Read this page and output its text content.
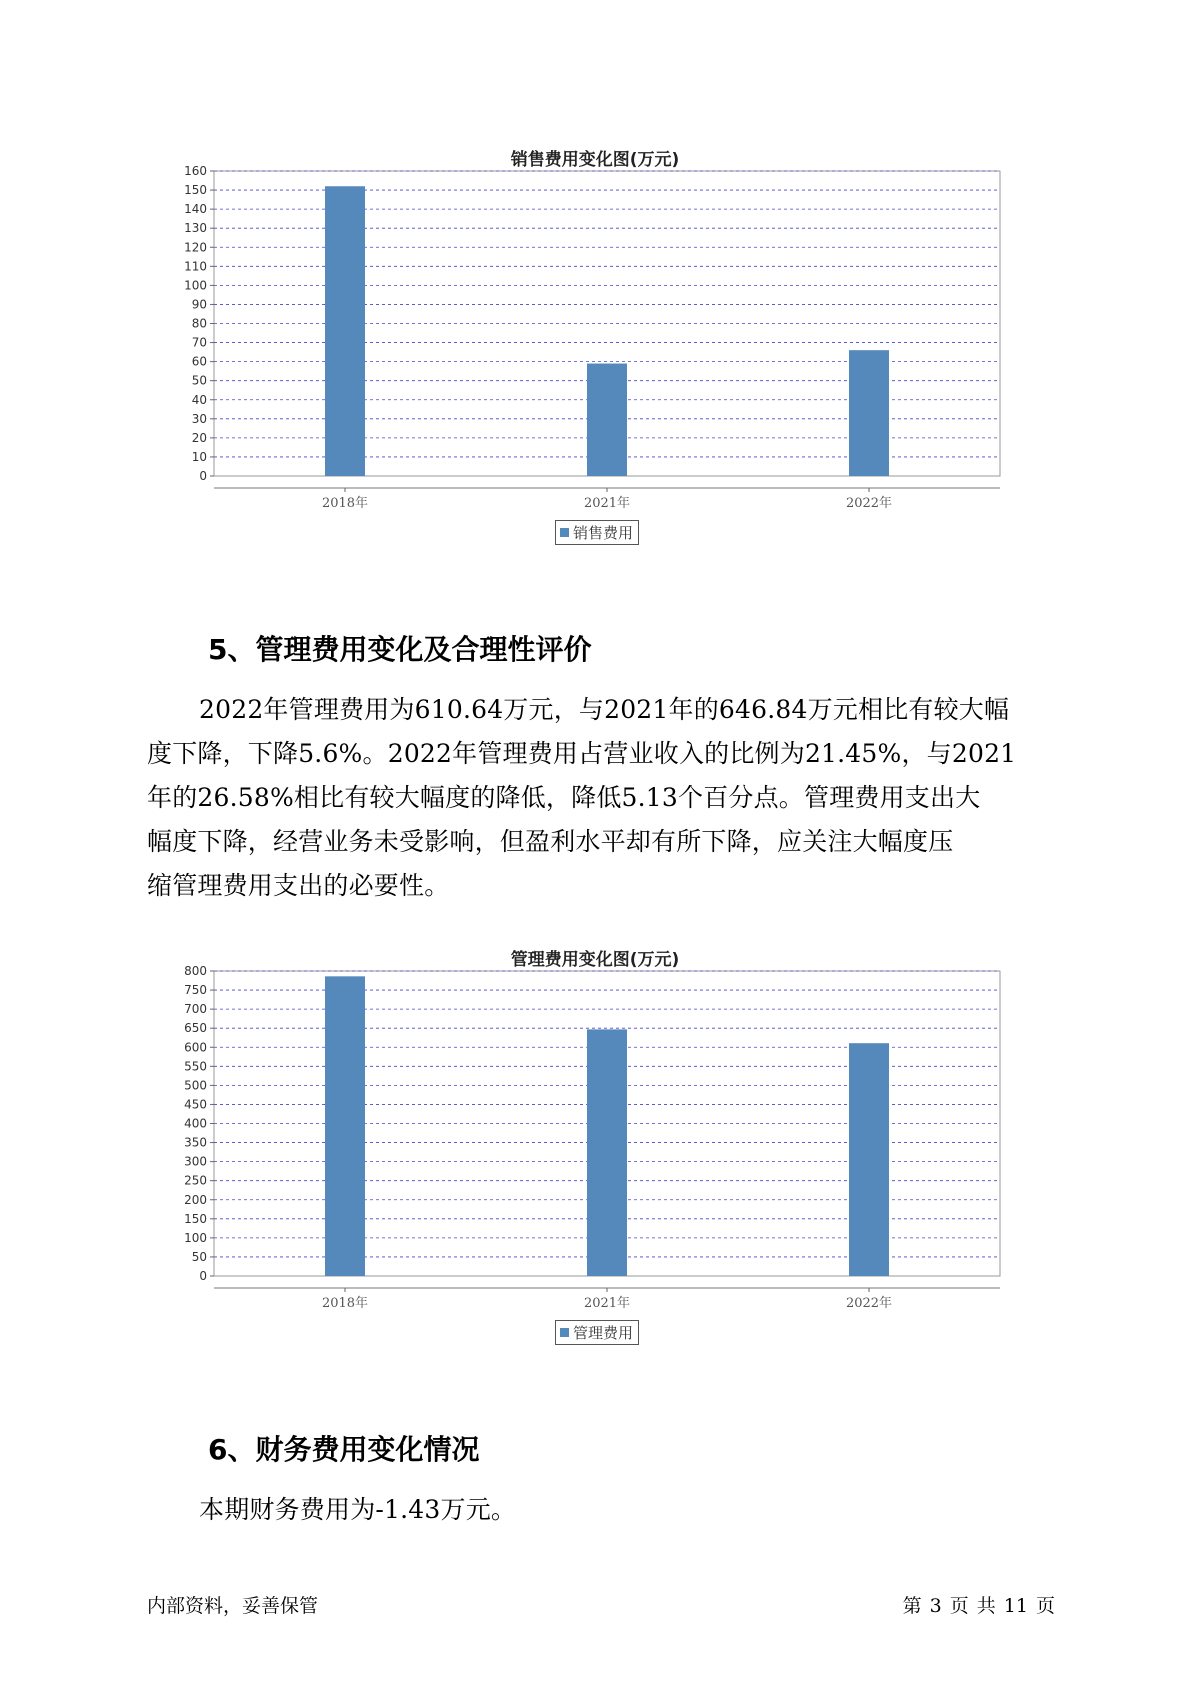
销售费用变化图(万元)
0
10
20
30
40
50
60
70
80
90
100
110
120
130
140
150
160
2018年	2021年	2022年
销售费用
5、管理费用变化及合理性评价
2022年管理费用为610.64万元，与2021年的646.84万元相比有较大幅
度下降，下降5.6%。2022年管理费用占营业收入的比例为21.45%，与2021
年的26.58%相比有较大幅度的降低，降低5.13个百分点。管理费用支出大
幅度下降，经营业务未受影响，但盈利水平却有所下降，应关注大幅度压
缩管理费用支出的必要性。
管理费用变化图(万元)
0
50
100
150
200
250
300
350
400
450
500
550
600
650
700
750
800
2018年	2021年	2022年
管理费用
6、财务费用变化情况
本期财务费用为-1.43万元。
内部资料，妥善保管	第 3 页 共 11 页
